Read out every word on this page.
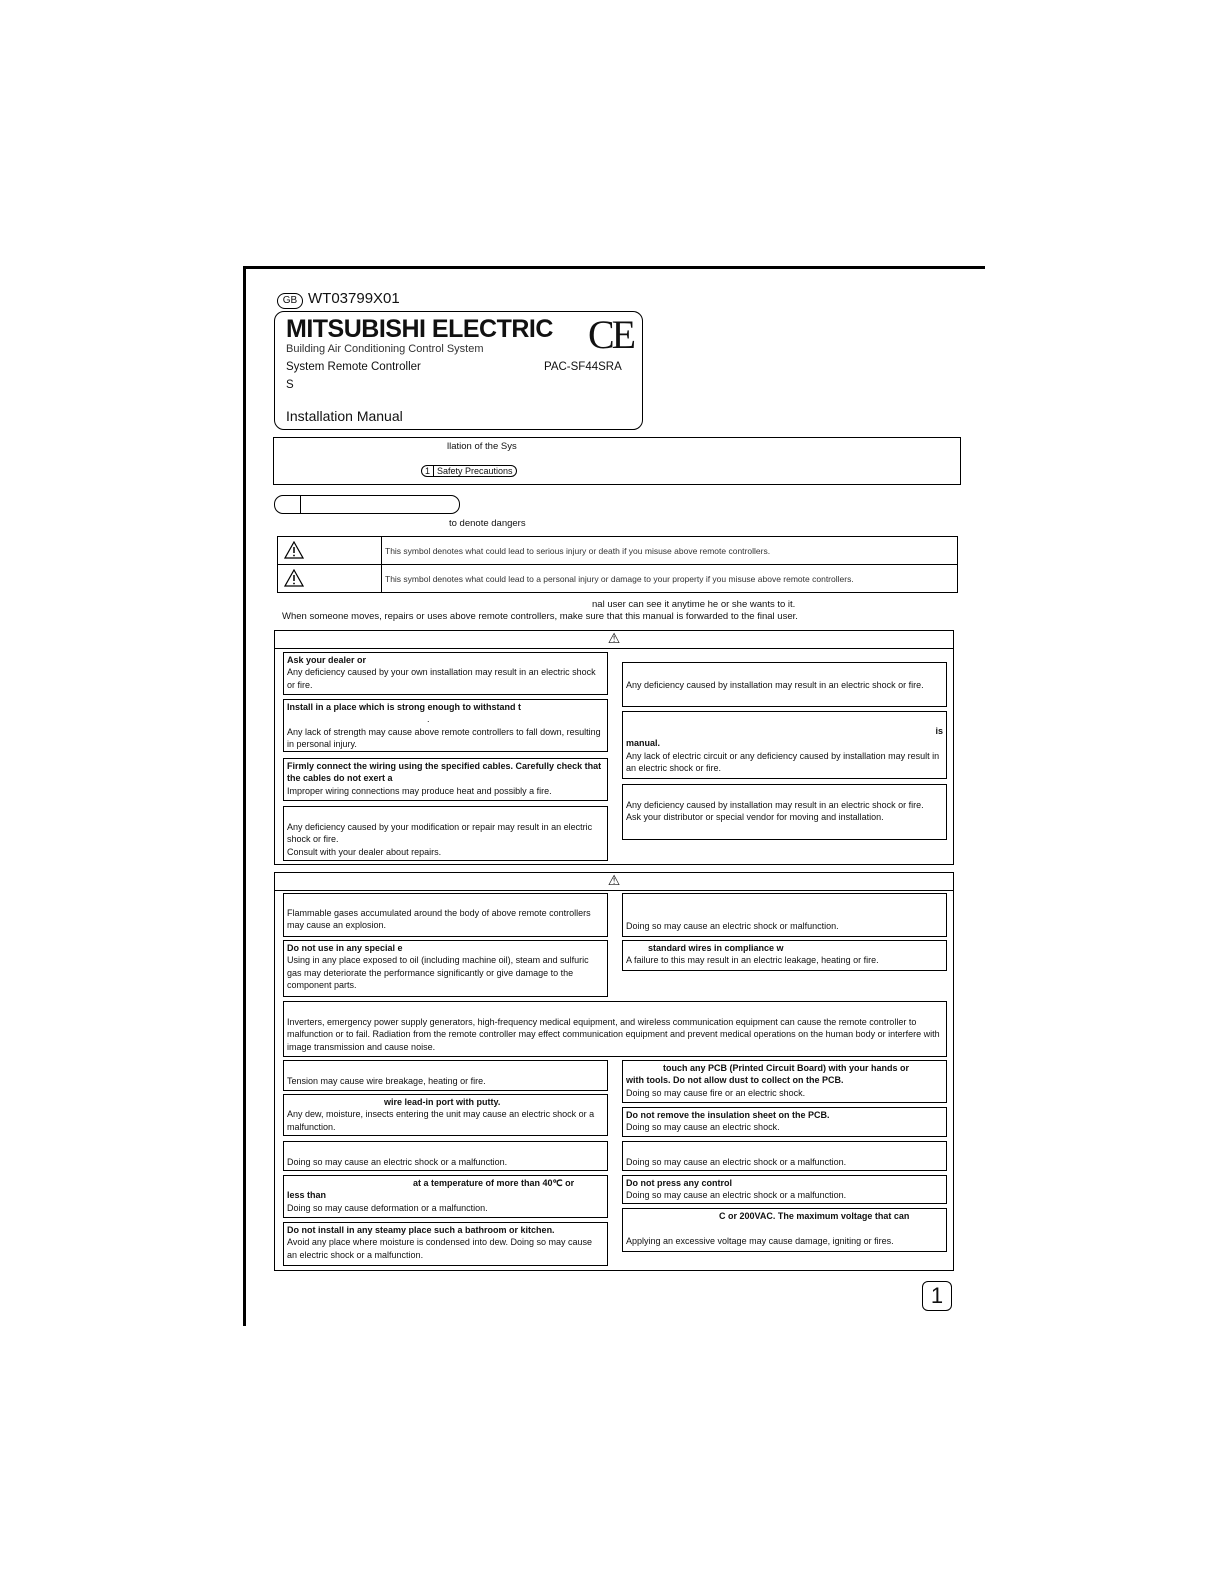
GB WT03799X01
MITSUBISHI ELECTRIC CE
Building Air Conditioning Control System
System Remote Controller	PAC-SF44SRA
S
Installation Manual
llation of the Sys
1 Safety Precautions
to denote dangers
	This symbol denotes what could lead to serious injury or death if you misuse above remote controllers.
	This symbol denotes what could lead to a personal injury or damage to your property if you misuse above remote controllers.
nal user can see it anytime he or she wants to it.
When someone moves, repairs or uses above remote controllers, make sure that this manual is forwarded to the final user.
⚠
Ask your dealer or
Any deficiency caused by your own installation may result in an electric shock or fire.
Install in a place which is strong enough to withstand t
.
Any lack of strength may cause above remote controllers to fall down, resulting in personal injury.
Firmly connect the wiring using the specified cables. Carefully check that the cables do not exert a
Improper wiring connections may produce heat and possibly a fire.
Any deficiency caused by your modification or repair may result in an electric shock or fire.
Consult with your dealer about repairs.
Any deficiency caused by installation may result in an electric shock or fire.
is
manual.
Any lack of electric circuit or any deficiency caused by installation may result in an electric shock or fire.
Any deficiency caused by installation may result in an electric shock or fire.
Ask your distributor or special vendor for moving and installation.
⚠
Flammable gases accumulated around the body of above remote controllers may cause an explosion.
Do not use in any special e
Using in any place exposed to oil (including machine oil), steam and sulfuric gas may deteriorate the performance significantly or give damage to the component parts.
Doing so may cause an electric shock or malfunction.
standard wires in compliance w
A failure to this may result in an electric leakage, heating or fire.
Inverters, emergency power supply generators, high-frequency medical equipment, and wireless communication equipment can cause the remote controller to malfunction or to fail. Radiation from the remote controller may effect communication equipment and prevent medical operations on the human body or interfere with image transmission and cause noise.
Tension may cause wire breakage, heating or fire.
wire lead-in port with putty.
Any dew, moisture, insects entering the unit may cause an electric shock or a malfunction.
Doing so may cause an electric shock or a malfunction.
at a temperature of more than 40℃ or
less than
Doing so may cause deformation or a malfunction.
Do not install in any steamy place such a bathroom or kitchen.
Avoid any place where moisture is condensed into dew. Doing so may cause an electric shock or a malfunction.
touch any PCB (Printed Circuit Board) with your hands or
with tools. Do not allow dust to collect on the PCB.
Doing so may cause fire or an electric shock.
Do not remove the insulation sheet on the PCB.
Doing so may cause an electric shock.
Doing so may cause an electric shock or a malfunction.
Do not press any control
Doing so may cause an electric shock or a malfunction.
C or 200VAC. The maximum voltage that can

Applying an excessive voltage may cause damage, igniting or fires.
1
